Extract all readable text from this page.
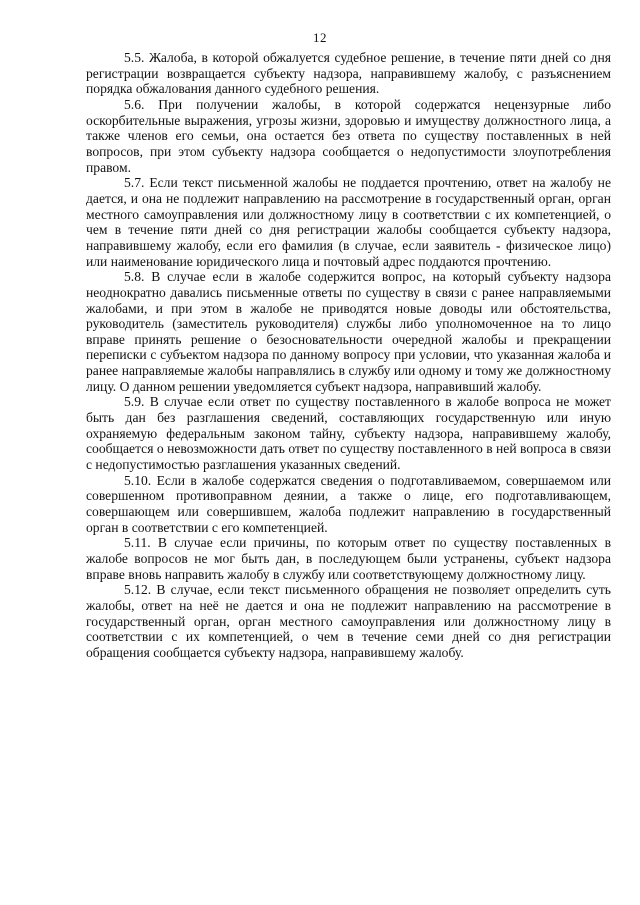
12

5.5. Жалоба, в которой обжалуется судебное решение, в течение пяти дней со дня регистрации возвращается субъекту надзора, направившему жалобу, с разъяснением порядка обжалования данного судебного решения.

5.6. При получении жалобы, в которой содержатся нецензурные либо оскорбительные выражения, угрозы жизни, здоровью и имуществу должностного лица, а также членов его семьи, она остается без ответа по существу поставленных в ней вопросов, при этом субъекту надзора сообщается о недопустимости злоупотребления правом.

5.7. Если текст письменной жалобы не поддается прочтению, ответ на жалобу не дается, и она не подлежит направлению на рассмотрение в государственный орган, орган местного самоуправления или должностному лицу в соответствии с их компетенцией, о чем в течение пяти дней со дня регистрации жалобы сообщается субъекту надзора, направившему жалобу, если его фамилия (в случае, если заявитель - физическое лицо) или наименование юридического лица и почтовый адрес поддаются прочтению.

5.8. В случае если в жалобе содержится вопрос, на который субъекту надзора неоднократно давались письменные ответы по существу в связи с ранее направляемыми жалобами, и при этом в жалобе не приводятся новые доводы или обстоятельства, руководитель (заместитель руководителя) службы либо уполномоченное на то лицо вправе принять решение о безосновательности очередной жалобы и прекращении переписки с субъектом надзора по данному вопросу при условии, что указанная жалоба и ранее направляемые жалобы направлялись в службу или одному и тому же должностному лицу. О данном решении уведомляется субъект надзора, направивший жалобу.

5.9. В случае если ответ по существу поставленного в жалобе вопроса не может быть дан без разглашения сведений, составляющих государственную или иную охраняемую федеральным законом тайну, субъекту надзора, направившему жалобу, сообщается о невозможности дать ответ по существу поставленного в ней вопроса в связи с недопустимостью разглашения указанных сведений.

5.10. Если в жалобе содержатся сведения о подготавливаемом, совершаемом или совершенном противоправном деянии, а также о лице, его подготавливающем, совершающем или совершившем, жалоба подлежит направлению в государственный орган в соответствии с его компетенцией.

5.11. В случае если причины, по которым ответ по существу поставленных в жалобе вопросов не мог быть дан, в последующем были устранены, субъект надзора вправе вновь направить жалобу в службу или соответствующему должностному лицу.

5.12. В случае, если текст письменного обращения не позволяет определить суть жалобы, ответ на неё не дается и она не подлежит направлению на рассмотрение в государственный орган, орган местного самоуправления или должностному лицу в соответствии с их компетенцией, о чем в течение семи дней со дня регистрации обращения сообщается субъекту надзора, направившему жалобу.
